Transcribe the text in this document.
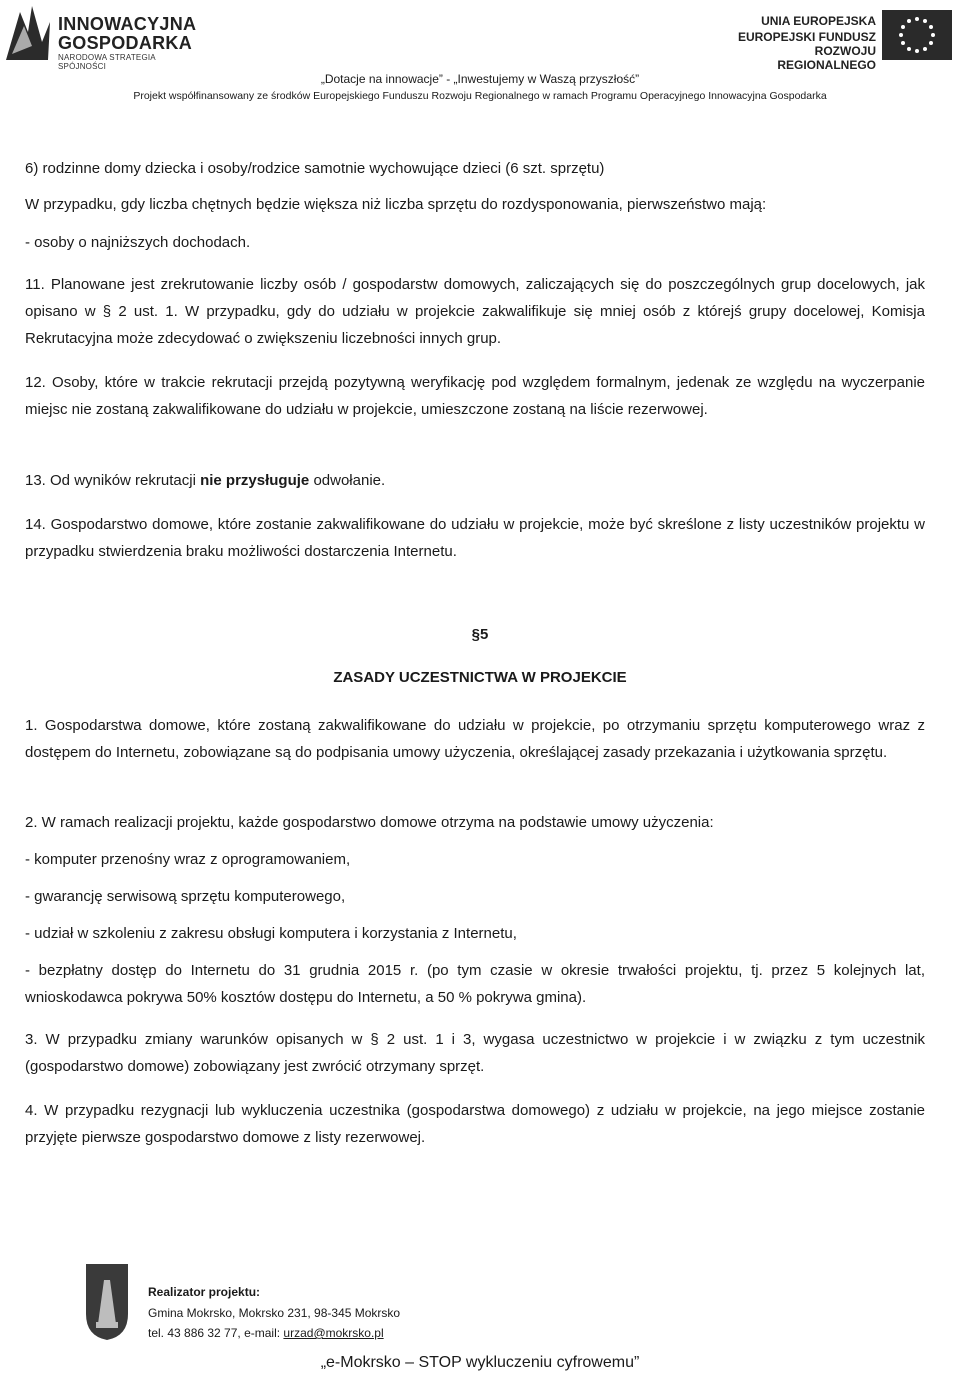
INNOWACYJNA
GOSPODARKA
NARODOWA STRATEGIA SPÓJNOŚCI
UNIA EUROPEJSKA
EUROPEJSKI FUNDUSZ
ROZWOJU REGIONALNEGO
„Dotacje na innowacje” - „Inwestujemy w Waszą przyszłość”
Projekt współfinansowany ze środków Europejskiego Funduszu Rozwoju Regionalnego w ramach Programu Operacyjnego Innowacyjna Gospodarka
6) rodzinne domy dziecka i osoby/rodzice samotnie wychowujące dzieci (6 szt. sprzętu)
W przypadku, gdy liczba chętnych będzie większa niż liczba sprzętu do rozdysponowania, pierwszeństwo mają:
- osoby o najniższych dochodach.
11. Planowane jest zrekrutowanie liczby osób / gospodarstw domowych, zaliczających się do poszczególnych grup docelowych, jak opisano w § 2 ust. 1. W przypadku, gdy do udziału w projekcie zakwalifikuje się mniej osób z którejś grupy docelowej, Komisja Rekrutacyjna może zdecydować o zwiększeniu liczebności innych grup.
12. Osoby, które w trakcie rekrutacji przejdą pozytywną weryfikację pod względem formalnym, jedenak ze względu na wyczerpanie miejsc nie zostaną zakwalifikowane do udziału w projekcie, umieszczone zostaną na liście rezerwowej.
13. Od wyników rekrutacji nie przysługuje odwołanie.
14. Gospodarstwo domowe, które zostanie zakwalifikowane do udziału w projekcie, może być skreślone z listy uczestników projektu w przypadku stwierdzenia braku możliwości dostarczenia Internetu.
§5
ZASADY UCZESTNICTWA W PROJEKCIE
1. Gospodarstwa domowe, które zostaną zakwalifikowane do udziału w projekcie, po otrzymaniu sprzętu komputerowego wraz z dostępem do Internetu, zobowiązane są do podpisania umowy użyczenia, określającej zasady przekazania i użytkowania sprzętu.
2. W ramach realizacji projektu, każde gospodarstwo domowe otrzyma na podstawie umowy użyczenia:
- komputer przenośny wraz z oprogramowaniem,
- gwarancję serwisową sprzętu komputerowego,
- udział w szkoleniu z zakresu obsługi komputera i korzystania z Internetu,
- bezpłatny dostęp do Internetu do 31 grudnia 2015 r. (po tym czasie w okresie trwałości projektu, tj. przez 5 kolejnych lat, wnioskodawca pokrywa 50% kosztów dostępu do Internetu, a 50 % pokrywa gmina).
3. W przypadku zmiany warunków opisanych w § 2 ust. 1 i 3, wygasa uczestnictwo w projekcie i w związku z tym uczestnik (gospodarstwo domowe) zobowiązany jest zwrócić otrzymany sprzęt.
4. W przypadku rezygnacji lub wykluczenia uczestnika (gospodarstwa domowego) z udziału w projekcie, na jego miejsce zostanie przyjęte pierwsze gospodarstwo domowe z listy rezerwowej.
Realizator projektu:
Gmina Mokrsko, Mokrsko 231, 98-345 Mokrsko
tel. 43 886 32 77, e-mail: urzad@mokrsko.pl
„e-Mokrsko – STOP wykluczeniu cyfrowemu”
